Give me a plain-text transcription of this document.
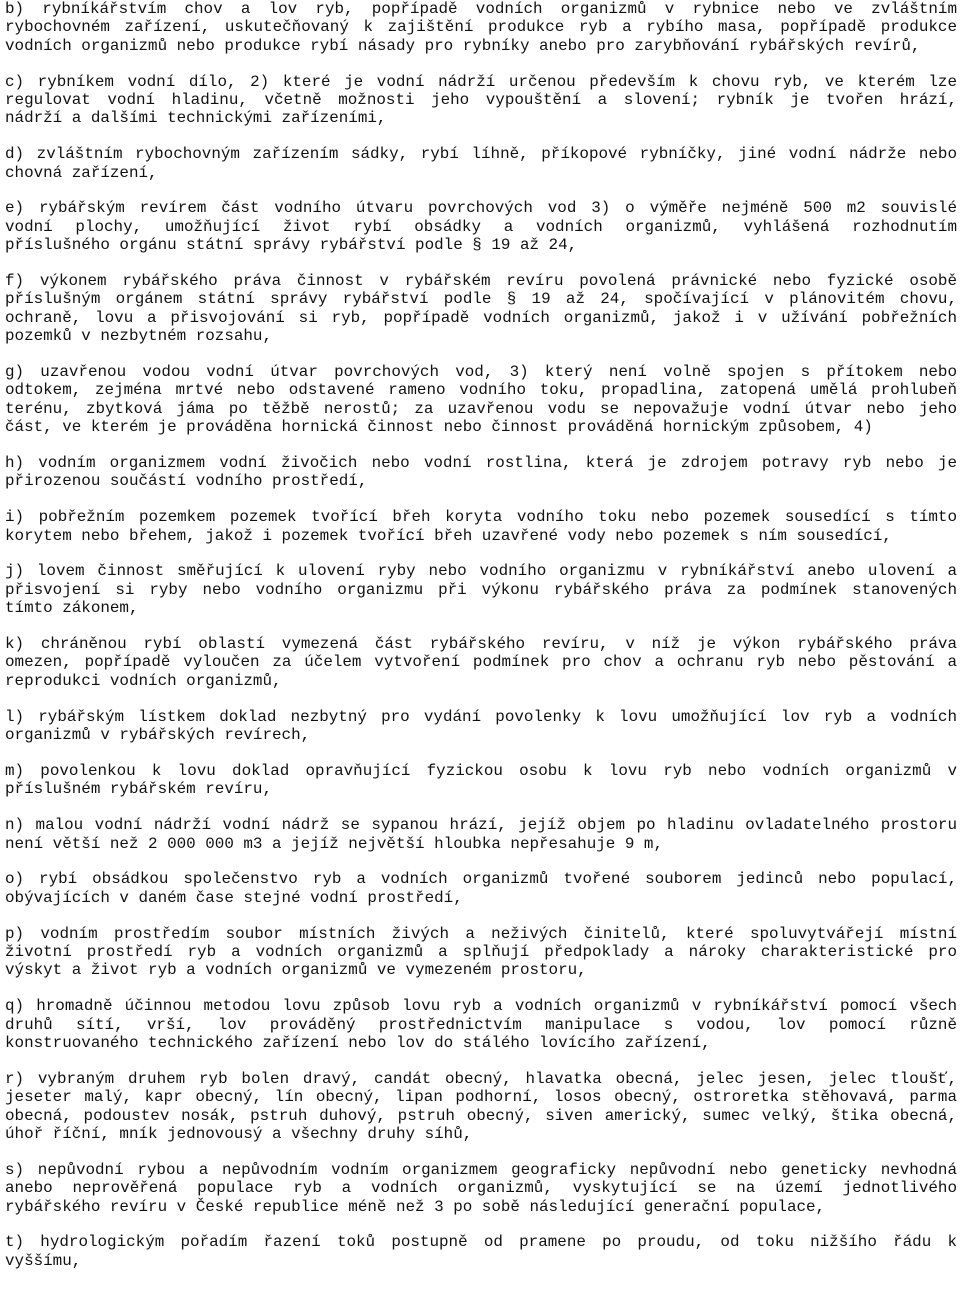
b) rybníkářstvím chov a lov ryb, popřípadě vodních organizmů v rybnice nebo ve zvláštním
rybochovném zařízení, uskutečňovaný k zajištění produkce ryb a rybího masa, popřípadě produkce
vodních organizmů nebo produkce rybí násady pro rybníky anebo pro zarybňování rybářských revírů,
c) rybníkem vodní dílo, 2) které je vodní nádrží určenou především k chovu ryb, ve kterém lze
regulovat vodní hladinu, včetně možnosti jeho vypouštění a slovení; rybník je tvořen hrází,
nádrží a dalšími technickými zařízeními,
d) zvláštním rybochovným zařízením sádky, rybí líhně, příkopové rybníčky, jiné vodní nádrže nebo
chovná zařízení,
e) rybářským revírem část vodního útvaru povrchových vod 3) o výměře nejméně 500 m2 souvislé
vodní plochy, umožňující život rybí obsádky a vodních organizmů, vyhlášená rozhodnutím
příslušného orgánu státní správy rybářství podle § 19 až 24,
f) výkonem rybářského práva činnost v rybářském revíru povolená právnické nebo fyzické osobě
příslušným orgánem státní správy rybářství podle § 19 až 24, spočívající v plánovitém chovu,
ochraně, lovu a přisvojování si ryb, popřípadě vodních organizmů, jakož i v užívání pobřežních
pozemků v nezbytném rozsahu,
g) uzavřenou vodou vodní útvar povrchových vod, 3) který není volně spojen s přítokem nebo
odtokem, zejména mrtvé nebo odstavené rameno vodního toku, propadlina, zatopená umělá prohlubeň
terénu, zbytková jáma po těžbě nerostů; za uzavřenou vodu se nepovažuje vodní útvar nebo jeho
část, ve kterém je prováděna hornická činnost nebo činnost prováděná hornickým způsobem, 4)
h) vodním organizmem vodní živočich nebo vodní rostlina, která je zdrojem potravy ryb nebo je
přirozenou součástí vodního prostředí,
i) pobřežním pozemkem pozemek tvořící břeh koryta vodního toku nebo pozemek sousedící s tímto
korytem nebo břehem, jakož i pozemek tvořící břeh uzavřené vody nebo pozemek s ním sousedící,
j) lovem činnost směřující k ulovení ryby nebo vodního organizmu v rybníkářství anebo ulovení a
přisvojení si ryby nebo vodního organizmu při výkonu rybářského práva za podmínek stanovených
tímto zákonem,
k) chráněnou rybí oblastí vymezená část rybářského revíru, v níž je výkon rybářského práva
omezen, popřípadě vyloučen za účelem vytvoření podmínek pro chov a ochranu ryb nebo pěstování a
reprodukci vodních organizmů,
l) rybářským lístkem doklad nezbytný pro vydání povolenky k lovu umožňující lov ryb a vodních
organizmů v rybářských revírech,
m) povolenkou k lovu doklad opravňující fyzickou osobu k lovu ryb nebo vodních organizmů v
příslušném rybářském revíru,
n) malou vodní nádrží vodní nádrž se sypanou hrází, jejíž objem po hladinu ovladatelného prostoru
není větší než 2 000 000 m3 a jejíž největší hloubka nepřesahuje 9 m,
o) rybí obsádkou společenstvo ryb a vodních organizmů tvořené souborem jedinců nebo populací,
obývajících v daném čase stejné vodní prostředí,
p) vodním prostředím soubor místních živých a neživých činitelů, které spoluvytvářejí místní
životní prostředí ryb a vodních organizmů a splňují předpoklady a nároky charakteristické pro
výskyt a život ryb a vodních organizmů ve vymezeném prostoru,
q) hromadně účinnou metodou lovu způsob lovu ryb a vodních organizmů v rybníkářství pomocí všech
druhů sítí, vrší, lov prováděný prostřednictvím manipulace s vodou, lov pomocí různě
konstruovaného technického zařízení nebo lov do stálého lovícího zařízení,
r) vybraným druhem ryb bolen dravý, candát obecný, hlavatka obecná, jelec jesen, jelec tloušť,
jeseter malý, kapr obecný, lín obecný, lipan podhorní, losos obecný, ostroretka stěhovavá, parma
obecná, podoustev nosák, pstruh duhový, pstruh obecný, siven americký, sumec velký, štika obecná,
úhoř říční, mník jednovousý a všechny druhy síhů,
s) nepůvodní rybou a nepůvodním vodním organizmem geograficky nepůvodní nebo geneticky nevhodná
anebo neprověřená populace ryb a vodních organizmů, vyskytující se na území jednotlivého
rybářského revíru v České republice méně než 3 po sobě následující generační populace,
t) hydrologickým pořadím řazení toků postupně od pramene po proudu, od toku nižšího řádu k
vyššímu,
